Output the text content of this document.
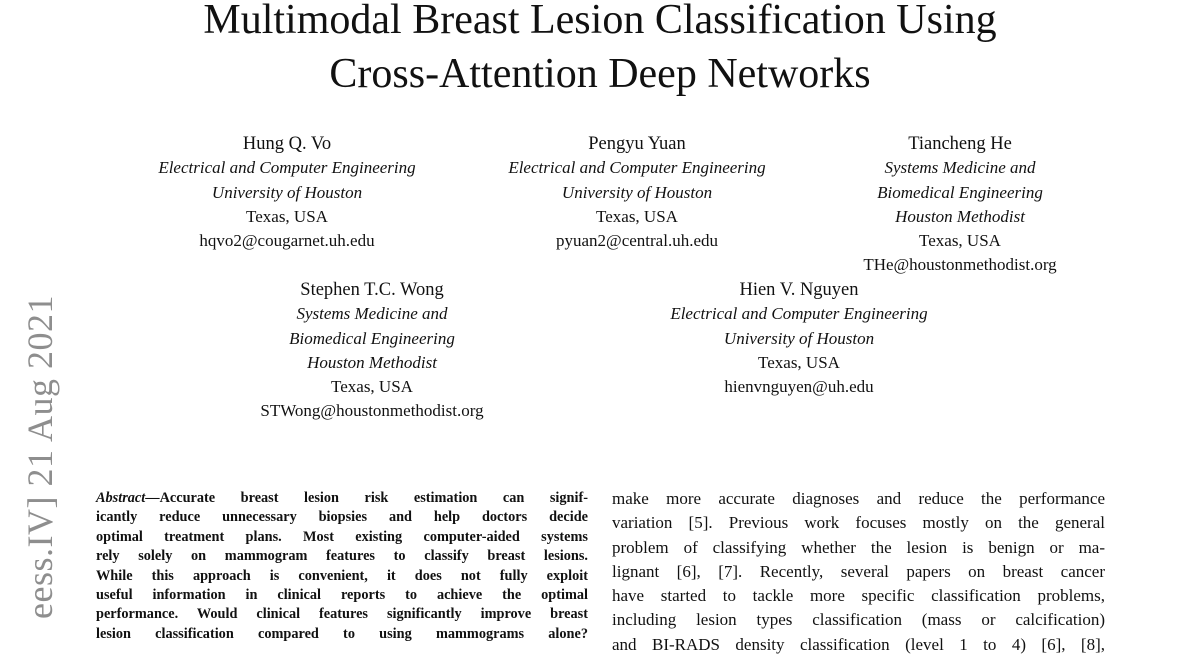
Multimodal Breast Lesion Classification Using
Cross-Attention Deep Networks
Hung Q. Vo
Electrical and Computer Engineering
University of Houston
Texas, USA
hqvo2@cougarnet.uh.edu
Pengyu Yuan
Electrical and Computer Engineering
University of Houston
Texas, USA
pyuan2@central.uh.edu
Tiancheng He
Systems Medicine and
Biomedical Engineering
Houston Methodist
Texas, USA
THe@houstonmethodist.org
Stephen T.C. Wong
Systems Medicine and
Biomedical Engineering
Houston Methodist
Texas, USA
STWong@houstonmethodist.org
Hien V. Nguyen
Electrical and Computer Engineering
University of Houston
Texas, USA
hienvnguyen@uh.edu
eess.IV] 21 Aug 2021	Abstract—Accurate breast lesion risk estimation can signif-
icantly reduce unnecessary biopsies and help doctors decide
optimal treatment plans. Most existing computer-aided systems
rely solely on mammogram features to classify breast lesions.
While this approach is convenient, it does not fully exploit
useful information in clinical reports to achieve the optimal
performance. Would clinical features significantly improve breast
lesion classification compared to using mammograms alone?
make more accurate diagnoses and reduce the performance
variation [5]. Previous work focuses mostly on the general
problem of classifying whether the lesion is benign or ma-
lignant [6], [7]. Recently, several papers on breast cancer
have started to tackle more specific classification problems,
including lesion types classification (mass or calcification)
and BI-RADS density classification (level 1 to 4) [6], [8],
